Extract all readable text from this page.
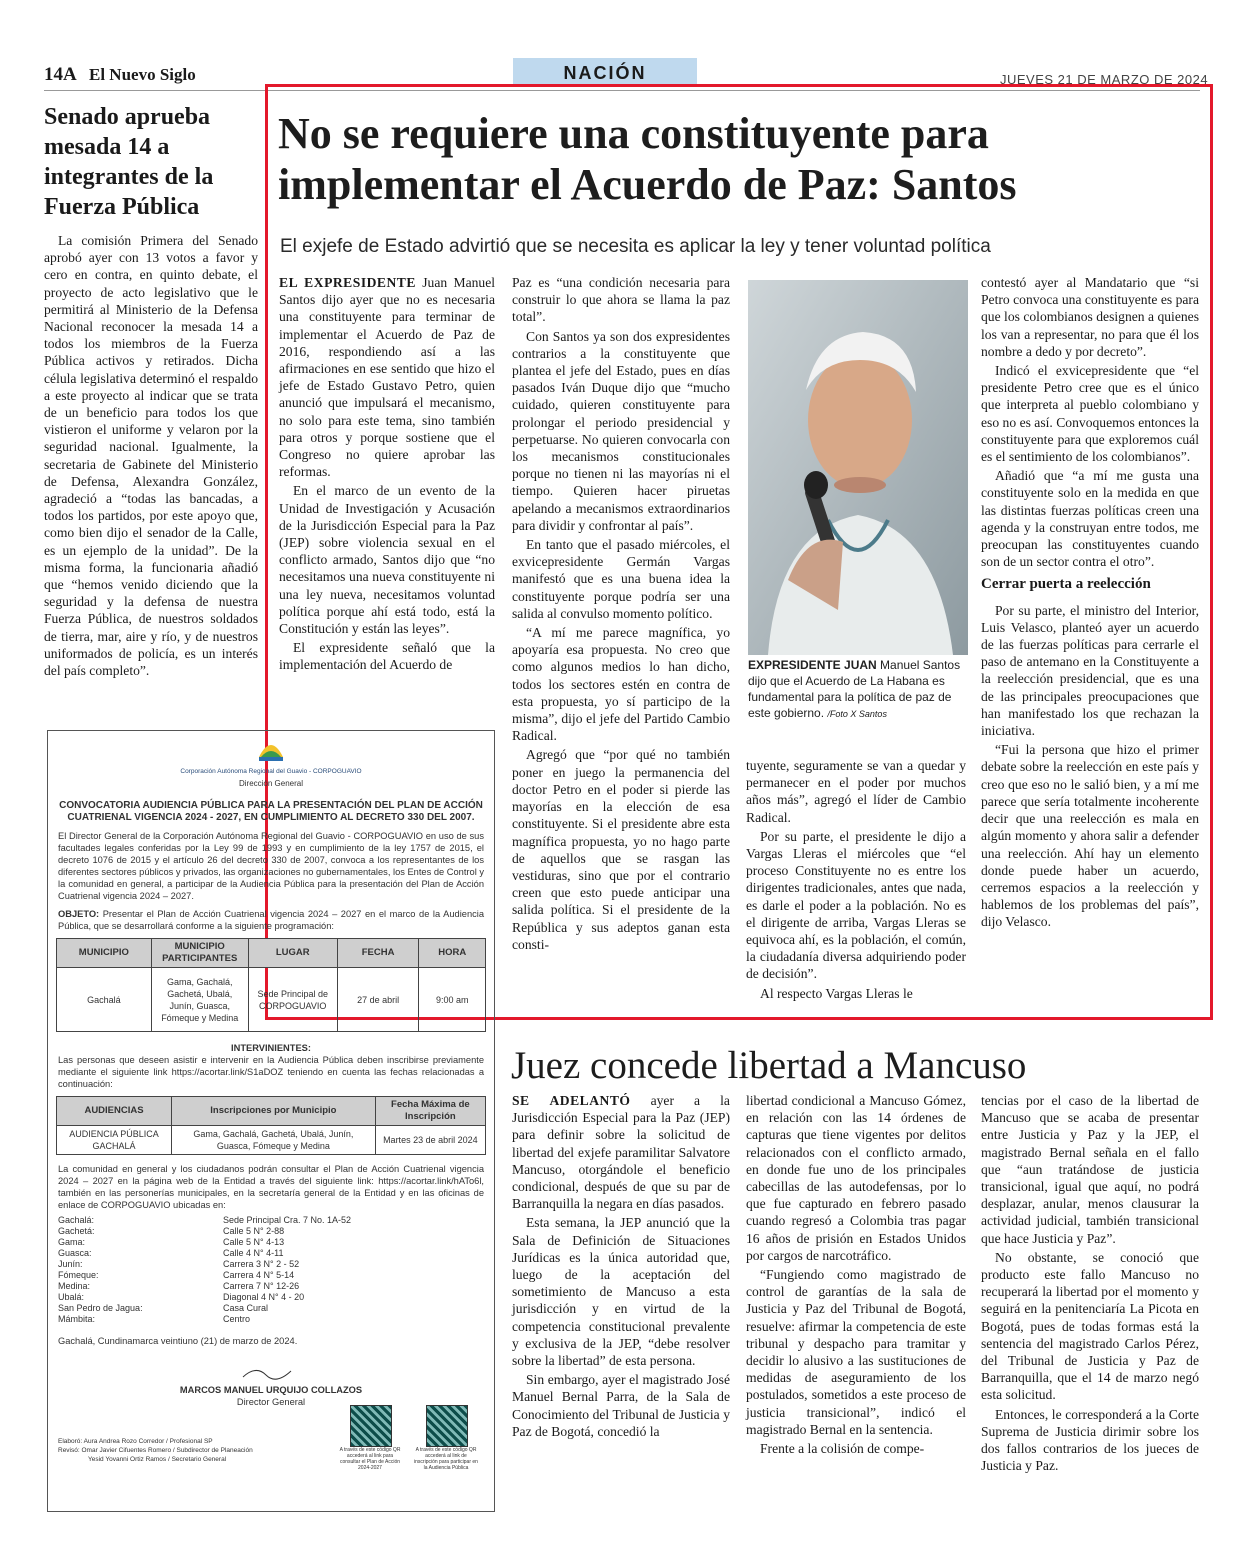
14A El Nuevo Siglo	NACIÓN	JUEVES 21 DE MARZO DE 2024
Senado aprueba mesada 14 a integrantes de la Fuerza Pública

La comisión Primera del Senado aprobó ayer con 13 votos a favor y cero en contra, en quinto debate, el proyecto de acto legislativo que le permitirá al Ministerio de la Defensa Nacional reconocer la mesada 14 a todos los miembros de la Fuerza Pública activos y retirados. Dicha célula legislativa determinó el respaldo a este proyecto al indicar que se trata de un beneficio para todos los que vistieron el uniforme y velaron por la seguridad nacional. Igualmente, la secretaria de Gabinete del Ministerio de Defensa, Alexandra González, agradeció a “todas las bancadas, a todos los partidos, por este apoyo que, como bien dijo el senador de la Calle, es un ejemplo de la unidad”. De la misma forma, la funcionaria añadió que “hemos venido diciendo que la seguridad y la defensa de nuestra Fuerza Pública, de nuestros soldados de tierra, mar, aire y río, y de nuestros uniformados de policía, es un interés del país completo”.

No se requiere una constituyente para implementar el Acuerdo de Paz: Santos
El exjefe de Estado advirtió que se necesita es aplicar la ley y tener voluntad política

EL EXPRESIDENTE Juan Manuel Santos dijo ayer que no es necesaria una constituyente para terminar de implementar el Acuerdo de Paz de 2016, respondiendo así a las afirmaciones en ese sentido que hizo el jefe de Estado Gustavo Petro, quien anunció que impulsará el mecanismo, no solo para este tema, sino también para otros y porque sostiene que el Congreso no quiere aprobar las reformas.

En el marco de un evento de la Unidad de Investigación y Acusación de la Jurisdicción Especial para la Paz (JEP) sobre violencia sexual en el conflicto armado, Santos dijo que “no necesitamos una nueva constituyente ni una ley nueva, necesitamos voluntad política porque ahí está todo, está la Constitución y están las leyes”.

El expresidente señaló que la implementación del Acuerdo de

Paz es “una condición necesaria para construir lo que ahora se llama la paz total”.

Con Santos ya son dos expresidentes contrarios a la constituyente que plantea el jefe del Estado, pues en días pasados Iván Duque dijo que “mucho cuidado, quieren constituyente para prolongar el periodo presidencial y perpetuarse. No quieren convocarla con los mecanismos constitucionales porque no tienen ni las mayorías ni el tiempo. Quieren hacer piruetas apelando a mecanismos extraordinarios para dividir y confrontar al país”.

En tanto que el pasado miércoles, el exvicepresidente Germán Vargas manifestó que es una buena idea la constituyente porque podría ser una salida al convulso momento político.

“A mí me parece magnífica, yo apoyaría esa propuesta. No creo que como algunos medios lo han dicho, todos los sectores estén en contra de esta propuesta, yo sí participo de la misma”, dijo el jefe del Partido Cambio Radical.

Agregó que “por qué no también poner en juego la permanencia del doctor Petro en el poder si pierde las mayorías en la elección de esa constituyente. Si el presidente abre esta magnífica propuesta, yo no hago parte de aquellos que se rasgan las vestiduras, sino que por el contrario creen que esto puede anticipar una salida política. Si el presidente de la República y sus adeptos ganan esta consti-

EXPRESIDENTE JUAN Manuel Santos dijo que el Acuerdo de La Habana es fundamental para la política de paz de este gobierno. /Foto X Santos

tuyente, seguramente se van a quedar y permanecer en el poder por muchos años más”, agregó el líder de Cambio Radical.

Por su parte, el presidente le dijo a Vargas Lleras el miércoles que “el proceso Constituyente no es entre los dirigentes tradicionales, antes que nada, es darle el poder a la población. No es el dirigente de arriba, Vargas Lleras se equivoca ahí, es la población, el común, la ciudadanía diversa adquiriendo poder de decisión”.

Al respecto Vargas Lleras le

contestó ayer al Mandatario que “si Petro convoca una constituyente es para que los colombianos designen a quienes los van a representar, no para que él los nombre a dedo y por decreto”.

Indicó el exvicepresidente que “el presidente Petro cree que es el único que interpreta al pueblo colombiano y eso no es así. Convoquemos entonces la constituyente para que exploremos cuál es el sentimiento de los colombianos”.

Añadió que “a mí me gusta una constituyente solo en la medida en que las distintas fuerzas políticas creen una agenda y la construyan entre todos, me preocupan las constituyentes cuando son de un sector contra el otro”.

Cerrar puerta a reelección

Por su parte, el ministro del Interior, Luis Velasco, planteó ayer un acuerdo de las fuerzas políticas para cerrarle el paso de antemano en la Constituyente a la reelección presidencial, que es una de las principales preocupaciones que han manifestado los que rechazan la iniciativa.

“Fui la persona que hizo el primer debate sobre la reelección en este país y creo que eso no le salió bien, y a mí me parece que sería totalmente incoherente decir que una reelección es mala en algún momento y ahora salir a defender una reelección. Ahí hay un elemento donde puede haber un acuerdo, cerremos espacios a la reelección y hablemos de los problemas del país”, dijo Velasco.

Juez concede libertad a Mancuso

SE ADELANTÓ ayer a la Jurisdicción Especial para la Paz (JEP) para definir sobre la solicitud de libertad del exjefe paramilitar Salvatore Mancuso, otorgándole el beneficio condicional, después de que su par de Barranquilla la negara en días pasados.

Esta semana, la JEP anunció que la Sala de Definición de Situaciones Jurídicas es la única autoridad que, luego de la aceptación del sometimiento de Mancuso a esta jurisdicción y en virtud de la competencia constitucional prevalente y exclusiva de la JEP, “debe resolver sobre la libertad” de esta persona.

Sin embargo, ayer el magistrado José Manuel Bernal Parra, de la Sala de Conocimiento del Tribunal de Justicia y Paz de Bogotá, concedió la

libertad condicional a Mancuso Gómez, en relación con las 14 órdenes de capturas que tiene vigentes por delitos relacionados con el conflicto armado, en donde fue uno de los principales cabecillas de las autodefensas, por lo que fue capturado en febrero pasado cuando regresó a Colombia tras pagar 16 años de prisión en Estados Unidos por cargos de narcotráfico.

“Fungiendo como magistrado de control de garantías de la sala de Justicia y Paz del Tribunal de Bogotá, resuelve: afirmar la competencia de este tribunal y despacho para tramitar y decidir lo alusivo a las sustituciones de medidas de aseguramiento de los postulados, sometidos a este proceso de justicia transicional”, indicó el magistrado Bernal en la sentencia.

Frente a la colisión de compe-

tencias por el caso de la libertad de Mancuso que se acaba de presentar entre Justicia y Paz y la JEP, el magistrado Bernal señala en el fallo que “aun tratándose de justicia transicional, igual que aquí, no podrá desplazar, anular, menos clausurar la actividad judicial, también transicional que hace Justicia y Paz”.

No obstante, se conoció que producto este fallo Mancuso no recuperará la libertad por el momento y seguirá en la penitenciaría La Picota en Bogotá, pues de todas formas está la sentencia del magistrado Carlos Pérez, del Tribunal de Justicia y Paz de Barranquilla, que el 14 de marzo negó esta solicitud.

Entonces, le corresponderá a la Corte Suprema de Justicia dirimir sobre los dos fallos contrarios de los jueces de Justicia y Paz.

Corporación Autónoma Regional del Guavio - CORPOGUAVIO
Dirección General
CONVOCATORIA AUDIENCIA PÚBLICA PARA LA PRESENTACIÓN DEL PLAN DE ACCIÓN CUATRIENAL VIGENCIA 2024 - 2027, EN CUMPLIMIENTO AL DECRETO 330 DEL 2007.
El Director General de la Corporación Autónoma Regional del Guavio - CORPOGUAVIO en uso de sus facultades legales conferidas por la Ley 99 de 1993 y en cumplimiento de la ley 1757 de 2015, el decreto 1076 de 2015 y el artículo 26 del decreto 330 de 2007, convoca a los representantes de los diferentes sectores públicos y privados, las organizaciones no gubernamentales, los Entes de Control y la comunidad en general, a participar de la Audiencia Pública para la presentación del Plan de Acción Cuatrienal vigencia 2024 – 2027.
OBJETO: Presentar el Plan de Acción Cuatrienal vigencia 2024 – 2027 en el marco de la Audiencia Pública, que se desarrollará conforme a la siguiente programación:
MUNICIPIO	MUNICIPIO PARTICIPANTES	LUGAR	FECHA	HORA
Gachalá	Gama, Gachalá, Gachetá, Ubalá, Junín, Guasca, Fómeque y Medina	Sede Principal de CORPOGUAVIO	27 de abril	9:00 am
INTERVINIENTES:
Las personas que deseen asistir e intervenir en la Audiencia Pública deben inscribirse previamente mediante el siguiente link https://acortar.link/S1aDOZ teniendo en cuenta las fechas relacionadas a continuación:
AUDIENCIAS	Inscripciones por Municipio	Fecha Máxima de Inscripción
AUDIENCIA PÚBLICA GACHALÁ	Gama, Gachalá, Gachetá, Ubalá, Junín, Guasca, Fómeque y Medina	Martes 23 de abril 2024
La comunidad en general y los ciudadanos podrán consultar el Plan de Acción Cuatrienal vigencia 2024 – 2027 en la página web de la Entidad a través del siguiente link: https://acortar.link/hATo6l, también en las personerías municipales, en la secretaría general de la Entidad y en las oficinas de enlace de CORPOGUAVIO ubicadas en:
Gachalá:	Sede Principal Cra. 7 No. 1A-52
Gachetá:	Calle 5 N° 2-88
Gama:	Calle 5 N° 4-13
Guasca:	Calle 4 N° 4-11
Junín:	Carrera 3 N° 2 - 52
Fómeque:	Carrera 4 N° 5-14
Medina:	Carrera 7 N° 12-26
Ubalá:	Diagonal 4 N° 4 - 20
San Pedro de Jagua:	Casa Cural
Mámbita:	Centro
Gachalá, Cundinamarca veintiuno (21) de marzo de 2024.
MARCOS MANUEL URQUIJO COLLAZOS
Director General
Elaboró: Aura Andrea Rozo Corredor / Profesional SP
Revisó: Omar Javier Cifuentes Romero / Subdirector de Planeación
Yesid Yovanni Ortiz Ramos / Secretario General
A través de este código QR accederá al link para consultar el Plan de Acción 2024-2027
A través de este código QR accederá al link de inscripción para participar en la Audiencia Pública
